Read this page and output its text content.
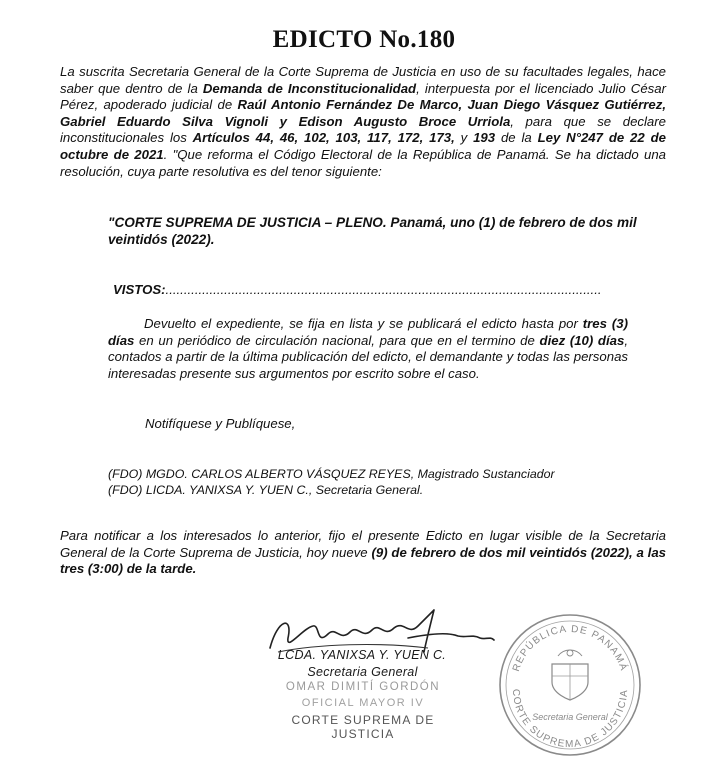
EDICTO No.180
La suscrita Secretaria General de la Corte Suprema de Justicia en uso de su facultades legales, hace saber que dentro de la Demanda de Inconstitucionalidad, interpuesta por el licenciado Julio César Pérez, apoderado judicial de Raúl Antonio Fernández De Marco, Juan Diego Vásquez Gutiérrez, Gabriel Eduardo Silva Vignoli y Edison Augusto Broce Urriola, para que se declare inconstitucionales los Artículos 44, 46, 102, 103, 117, 172, 173, y 193 de la Ley N°247 de 22 de octubre de 2021. "Que reforma el Código Electoral de la República de Panamá. Se ha dictado una resolución, cuya parte resolutiva es del tenor siguiente:
"CORTE SUPREMA DE JUSTICIA – PLENO. Panamá, uno (1) de febrero de dos mil veintidós (2022).
VISTOS:.......................................................................................................................
Devuelto el expediente, se fija en lista y se publicará el edicto hasta por tres (3) días en un periódico de circulación nacional, para que en el termino de diez (10) días, contados a partir de la última publicación del edicto, el demandante y todas las personas interesadas presente sus argumentos por escrito sobre el caso.
Notifíquese y Publíquese,
(FDO) MGDO. CARLOS ALBERTO VÁSQUEZ REYES, Magistrado Sustanciador
(FDO) LICDA. YANIXSA Y. YUEN C., Secretaria General.
Para notificar a los interesados lo anterior, fijo el presente Edicto en lugar visible de la Secretaria General de la Corte Suprema de Justicia, hoy nueve (9) de febrero de dos mil veintidós (2022), a las tres (3:00) de la tarde.
LCDA. YANIXSA Y. YUEN C.
Secretaria General
OMAR DIMITÍ GORDÓN
OFICIAL MAYOR IV
CORTE SUPREMA DE JUSTICIA
REPÚBLICA DE PANAMÁ
CORTE SUPREMA DE JUSTICIA
Secretaria General
